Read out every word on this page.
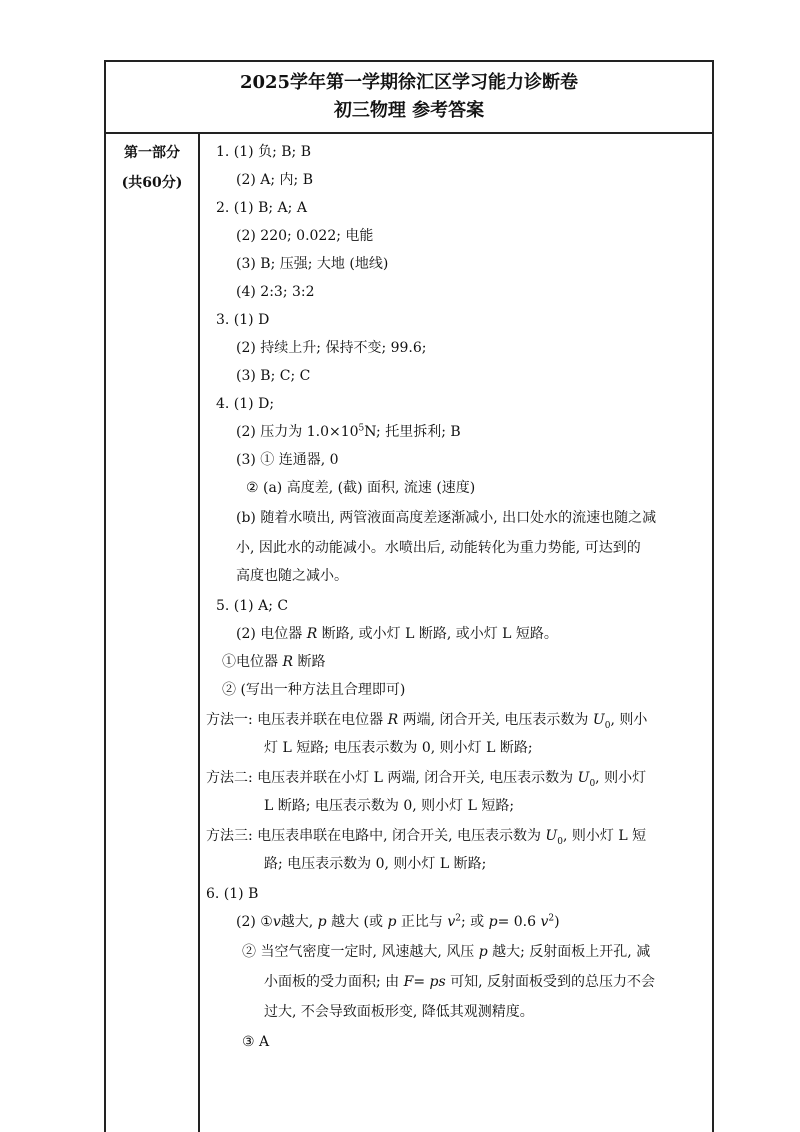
2025学年第一学期徐汇区学习能力诊断卷
初三物理 参考答案
第一部分
(共60分)
1. (1) 负; B; B
(2) A; 内; B
2. (1) B; A; A
(2) 220; 0.022; 电能
(3) B; 压强; 大地 (地线)
(4) 2:3; 3:2
3. (1) D
(2) 持续上升; 保持不变; 99.6;
(3) B; C; C
4. (1) D;
(2) 压力为 $1.0\times 10^5N$; 托里拆利; B
(3) ① 连通器, 0
② (a) 高度差, (截) 面积, 流速 (速度)
(b) 随着水喷出, 两管液面高度差逐渐减小, 出口处水的流速也随之减
小, 因此水的动能减小。水喷出后, 动能转化为重力势能, 可达到的
高度也随之减小。
5. (1) A; C
(2) 电位器 R 断路, 或小灯 L 断路, 或小灯 L 短路。
①电位器 R 断路
② (写出一种方法且合理即可)
方法一: 电压表并联在电位器 R 两端, 闭合开关, 电压表示数为 $U_0$, 则小
灯 L 短路; 电压表示数为 0, 则小灯 L 断路;
方法二: 电压表并联在小灯 L 两端, 闭合开关, 电压表示数为 $U_0$, 则小灯
L 断路; 电压表示数为 0, 则小灯 L 短路;
方法三: 电压表串联在电路中, 闭合开关, 电压表示数为 $U_0$, 则小灯 L 短
路; 电压表示数为 0, 则小灯 L 断路;
6. (1) B
(2) ①v越大, p 越大 (或 p 正比与 $v^2$; 或 p= 0.6 $v^2$)
② 当空气密度一定时, 风速越大, 风压 p 越大; 反射面板上开孔, 减
小面板的受力面积; 由 F= ps 可知, 反射面板受到的总压力不会
过大, 不会导致面板形变, 降低其观测精度。
③ A
